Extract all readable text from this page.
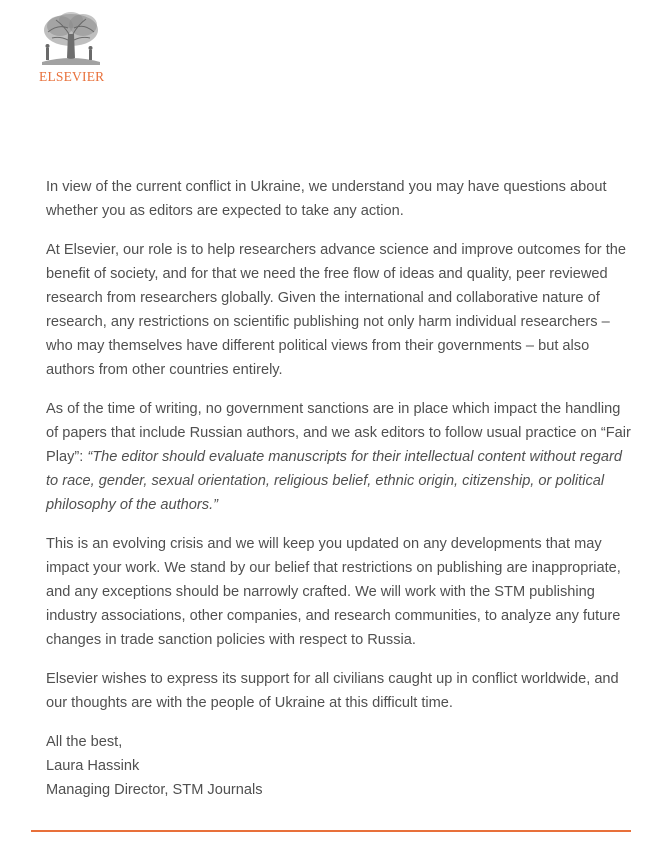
ELSEVIER

In view of the current conflict in Ukraine, we understand you may have questions about whether you as editors are expected to take any action.

At Elsevier, our role is to help researchers advance science and improve outcomes for the benefit of society, and for that we need the free flow of ideas and quality, peer reviewed research from researchers globally. Given the international and collaborative nature of research, any restrictions on scientific publishing not only harm individual researchers – who may themselves have different political views from their governments – but also authors from other countries entirely.

As of the time of writing, no government sanctions are in place which impact the handling of papers that include Russian authors, and we ask editors to follow usual practice on “Fair Play”: “The editor should evaluate manuscripts for their intellectual content without regard to race, gender, sexual orientation, religious belief, ethnic origin, citizenship, or political philosophy of the authors.”

This is an evolving crisis and we will keep you updated on any developments that may impact your work. We stand by our belief that restrictions on publishing are inappropriate, and any exceptions should be narrowly crafted. We will work with the STM publishing industry associations, other companies, and research communities, to analyze any future changes in trade sanction policies with respect to Russia.

Elsevier wishes to express its support for all civilians caught up in conflict worldwide, and our thoughts are with the people of Ukraine at this difficult time.

All the best,
Laura Hassink
Managing Director, STM Journals
